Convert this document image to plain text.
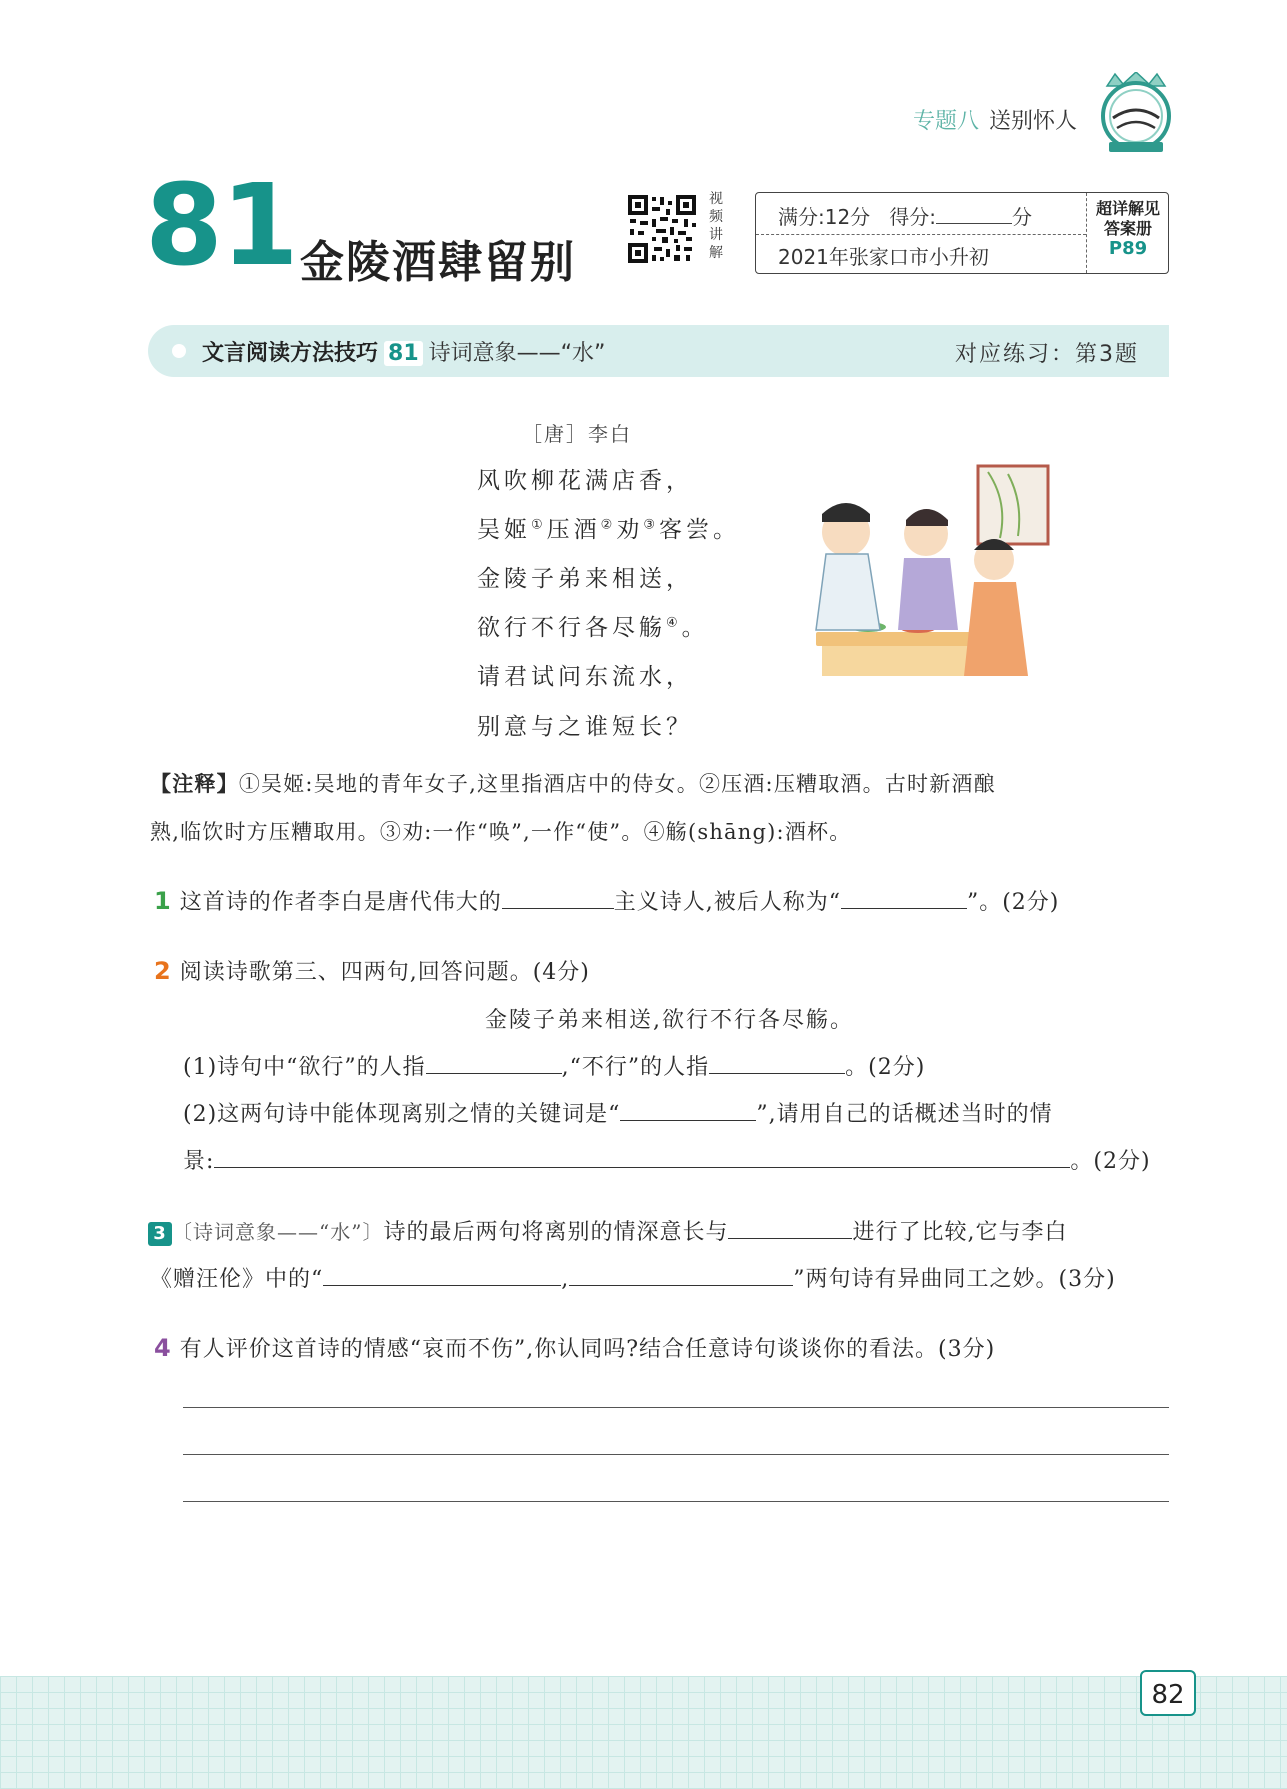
专题八 送别怀人
81 金陵酒肆留别
视频讲解
满分:12分 得分:	分
2021年张家口市小升初
超详解见
答案册
P89
文言阅读方法技巧 81 诗词意象——“水”	对应练习：第3题
［唐］李白
风吹柳花满店香，
吴姬①压酒②劝③客尝。
金陵子弟来相送，
欲行不行各尽觞④。
请君试问东流水，
别意与之谁短长？
【注释】①吴姬:吴地的青年女子,这里指酒店中的侍女。②压酒:压糟取酒。古时新酒酿
熟,临饮时方压糟取用。③劝:一作“唤”,一作“使”。④觞(shāng):酒杯。
1 这首诗的作者李白是唐代伟大的	主义诗人,被后人称为“	”。(2分)
2 阅读诗歌第三、四两句,回答问题。(4分)
金陵子弟来相送,欲行不行各尽觞。
(1)诗句中“欲行”的人指	,“不行”的人指	。(2分)
(2)这两句诗中能体现离别之情的关键词是“	”,请用自己的话概述当时的情
景:	。(2分)
3 〔诗词意象——“水”〕诗的最后两句将离别的情深意长与	进行了比较,它与李白
《赠汪伦》中的“	,	”两句诗有异曲同工之妙。(3分)
4 有人评价这首诗的情感“哀而不伤”,你认同吗?结合任意诗句谈谈你的看法。(3分)
82
